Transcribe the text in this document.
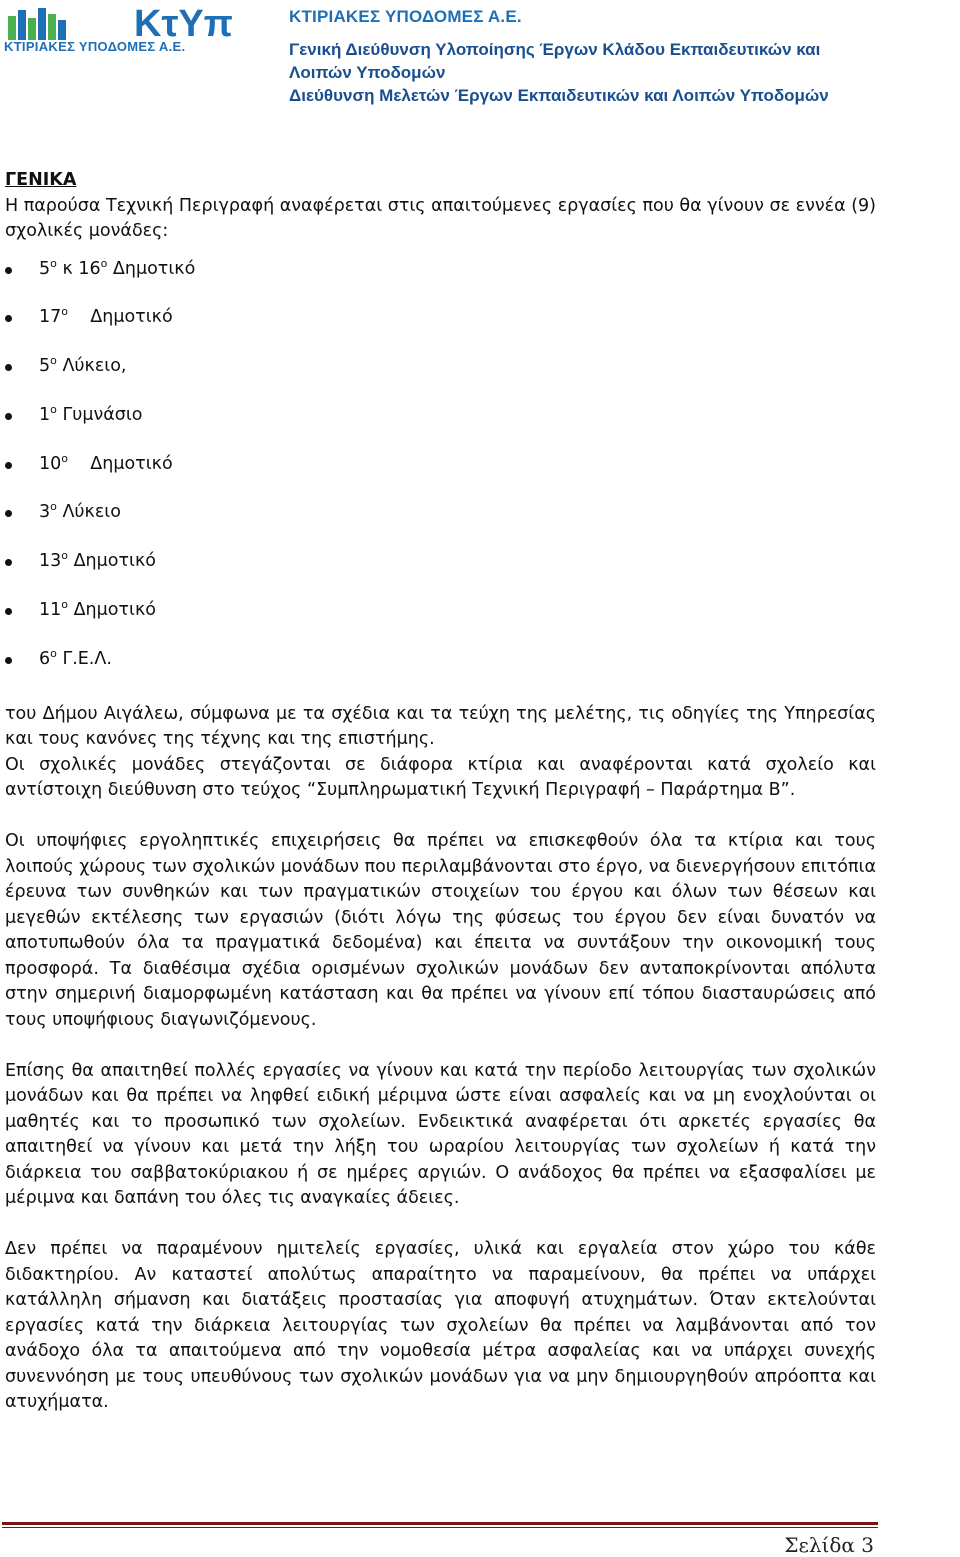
ΚτΥπ
ΚΤΙΡΙΑΚΕΣ ΥΠΟΔΟΜΕΣ Α.Ε.
ΚΤΙΡΙΑΚΕΣ ΥΠΟΔΟΜΕΣ Α.Ε.
Γενική Διεύθυνση Υλοποίησης Έργων Κλάδου Εκπαιδευτικών και
Λοιπών Υποδομών
Διεύθυνση Μελετών Έργων Εκπαιδευτικών και Λοιπών Υποδομών

ΓΕΝΙΚΑ

Η παρούσα Τεχνική Περιγραφή αναφέρεται στις απαιτούμενες εργασίες που θα γίνουν σε εννέα (9) σχολικές μονάδες:

$5^o$ κ $16^o$ Δημοτικό
$17^o$    Δημοτικό
$5^o$ Λύκειο,
$1^o$ Γυμνάσιο
$10^o$    Δημοτικό
$3^o$ Λύκειο
$13^o$ Δημοτικό
$11^o$ Δημοτικό
$6^o$ Γ.Ε.Λ.

του Δήμου Αιγάλεω, σύμφωνα με τα σχέδια και τα τεύχη της μελέτης, τις οδηγίες της Υπηρεσίας και τους κανόνες της τέχνης και της επιστήμης.

Οι σχολικές μονάδες στεγάζονται σε διάφορα κτίρια και αναφέρονται κατά σχολείο και αντίστοιχη διεύθυνση στο τεύχος “Συμπληρωματική Τεχνική Περιγραφή – Παράρτημα Β”.

Οι υποψήφιες εργοληπτικές επιχειρήσεις θα πρέπει να επισκεφθούν όλα τα κτίρια και τους λοιπούς χώρους των σχολικών μονάδων που περιλαμβάνονται στο έργο, να διενεργήσουν επιτόπια έρευνα των συνθηκών και των πραγματικών στοιχείων του έργου και όλων των θέσεων και μεγεθών εκτέλεσης των εργασιών (διότι λόγω της φύσεως του έργου δεν είναι δυνατόν να αποτυπωθούν όλα τα πραγματικά δεδομένα) και έπειτα να συντάξουν την οικονομική τους προσφορά. Τα διαθέσιμα σχέδια ορισμένων σχολικών μονάδων δεν ανταποκρίνονται απόλυτα στην σημερινή διαμορφωμένη κατάσταση και θα πρέπει να γίνουν επί τόπου διασταυρώσεις από τους υποψήφιους διαγωνιζόμενους.

Επίσης θα απαιτηθεί πολλές εργασίες να γίνουν και κατά την περίοδο λειτουργίας των σχολικών μονάδων και θα πρέπει να ληφθεί ειδική μέριμνα ώστε είναι ασφαλείς και να μη ενοχλούνται οι μαθητές και το προσωπικό των σχολείων. Ενδεικτικά αναφέρεται ότι αρκετές εργασίες θα απαιτηθεί να γίνουν και μετά την λήξη του ωραρίου λειτουργίας των σχολείων ή κατά την διάρκεια του σαββατοκύριακου ή σε ημέρες αργιών. Ο ανάδοχος θα πρέπει να εξασφαλίσει με μέριμνα και δαπάνη του όλες τις αναγκαίες άδειες.

Δεν πρέπει να παραμένουν ημιτελείς εργασίες, υλικά και εργαλεία στον χώρο του κάθε διδακτηρίου. Αν καταστεί απολύτως απαραίτητο να παραμείνουν, θα πρέπει να υπάρχει κατάλληλη σήμανση και διατάξεις προστασίας για αποφυγή ατυχημάτων. Όταν εκτελούνται εργασίες κατά την διάρκεια λειτουργίας των σχολείων θα πρέπει να λαμβάνονται από τον ανάδοχο όλα τα απαιτούμενα από την νομοθεσία μέτρα ασφαλείας και να υπάρχει συνεχής συνεννόηση με τους υπευθύνους των σχολικών μονάδων για να μην δημιουργηθούν απρόοπτα και ατυχήματα.

Σελίδα 3
